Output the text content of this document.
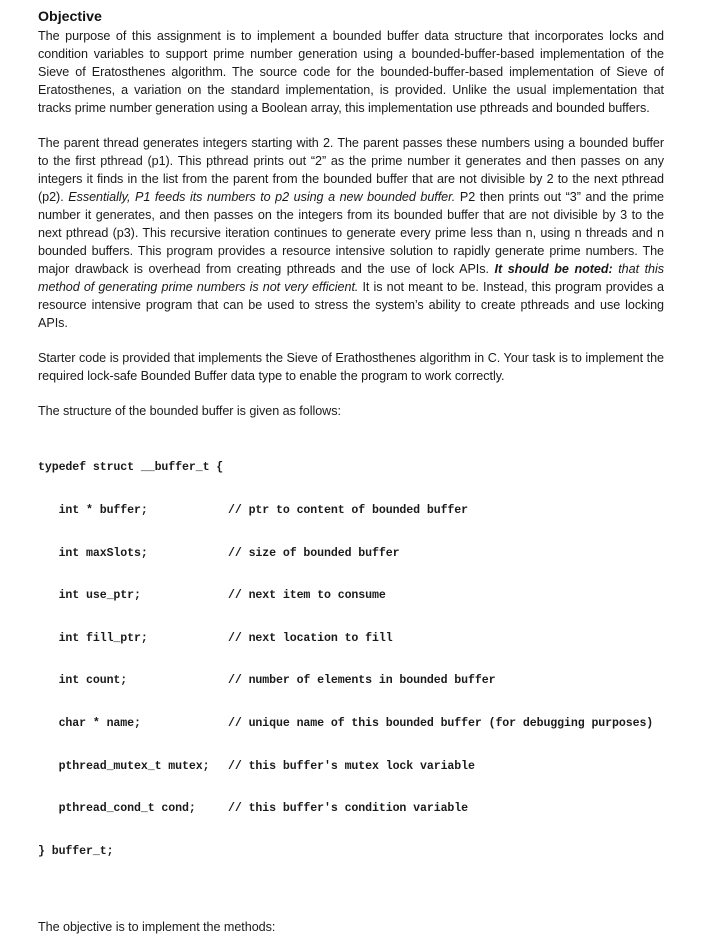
Objective

The purpose of this assignment is to implement a bounded buffer data structure that incorporates locks and condition variables to support prime number generation using a bounded-buffer-based implementation of the Sieve of Eratosthenes algorithm. The source code for the bounded-buffer-based implementation of Sieve of Eratosthenes, a variation on the standard implementation, is provided. Unlike the usual implementation that tracks prime number generation using a Boolean array, this implementation use pthreads and bounded buffers.

The parent thread generates integers starting with 2. The parent passes these numbers using a bounded buffer to the first pthread (p1). This pthread prints out “2” as the prime number it generates and then passes on any integers it finds in the list from the parent from the bounded buffer that are not divisible by 2 to the next pthread (p2). Essentially, P1 feeds its numbers to p2 using a new bounded buffer. P2 then prints out “3” and the prime number it generates, and then passes on the integers from its bounded buffer that are not divisible by 3 to the next pthread (p3). This recursive iteration continues to generate every prime less than n, using n threads and n bounded buffers. This program provides a resource intensive solution to rapidly generate prime numbers. The major drawback is overhead from creating pthreads and the use of lock APIs. It should be noted: that this method of generating prime numbers is not very efficient. It is not meant to be. Instead, this program provides a resource intensive program that can be used to stress the system’s ability to create pthreads and use locking APIs.

Starter code is provided that implements the Sieve of Erathosthenes algorithm in C. Your task is to implement the required lock-safe Bounded Buffer data type to enable the program to work correctly.

The structure of the bounded buffer is given as follows:

typedef struct __buffer_t {

int * buffer;	// ptr to content of bounded buffer

int maxSlots;	// size of bounded buffer

int use_ptr;	// next item to consume

int fill_ptr;	// next location to fill

int count;	// number of elements in bounded buffer

char * name;	// unique name of this bounded buffer (for debugging purposes)

pthread_mutex_t mutex; // this buffer's mutex lock variable

pthread_cond_t cond;	// this buffer's condition variable

} buffer_t;

The objective is to implement the methods:
